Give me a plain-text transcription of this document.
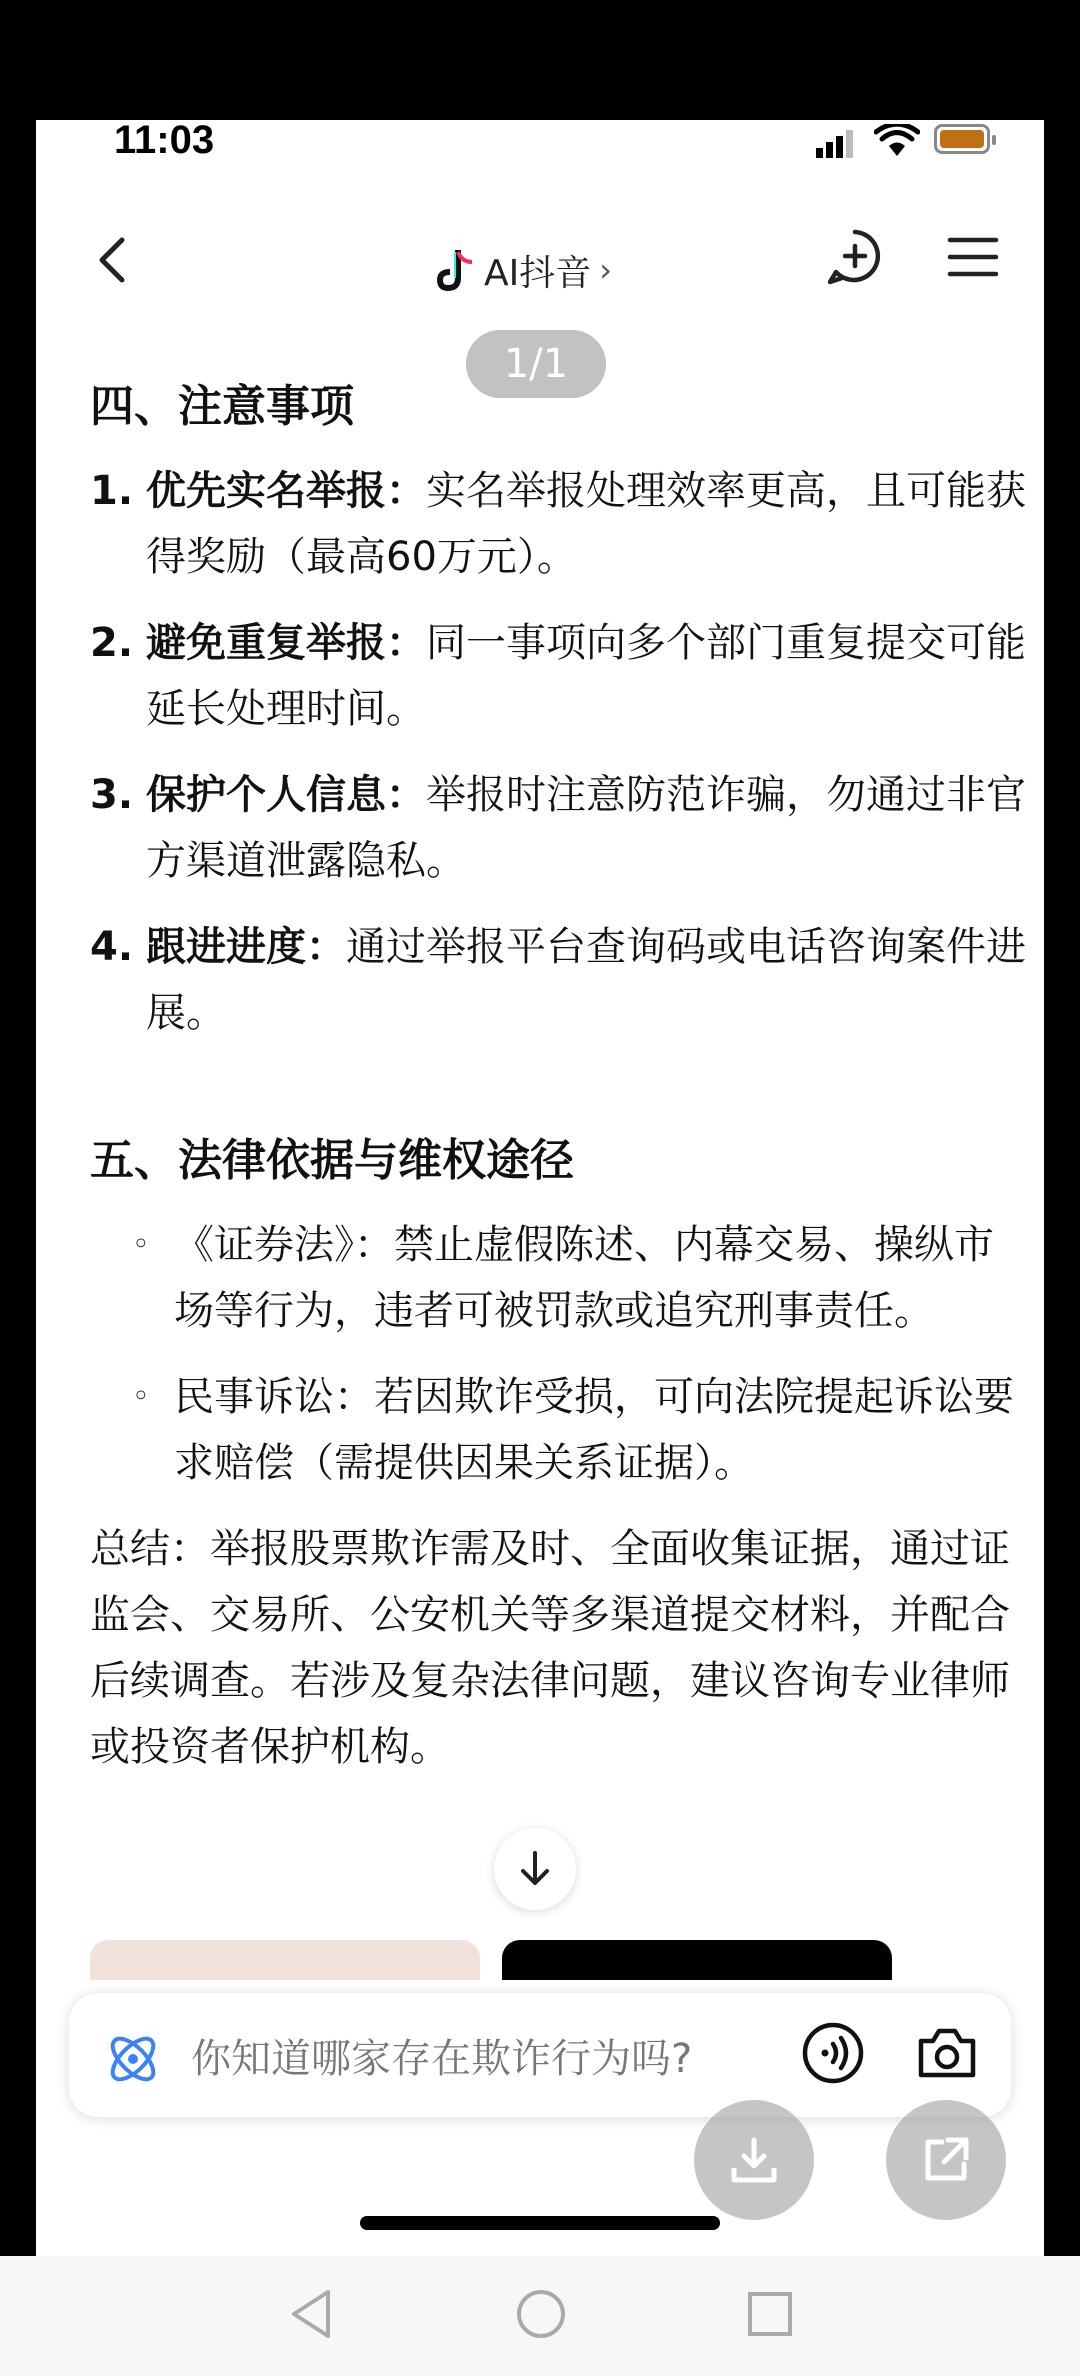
11:03
AI抖音 ›
1/1
四、注意事项
1. 优先实名举报：实名举报处理效率更高，且可能获得奖励（最高60万元）。
2. 避免重复举报：同一事项向多个部门重复提交可能延长处理时间。
3. 保护个人信息：举报时注意防范诈骗，勿通过非官方渠道泄露隐私。
4. 跟进进度：通过举报平台查询码或电话咨询案件进展。
五、法律依据与维权途径
◦ 《证券法》：禁止虚假陈述、内幕交易、操纵市场等行为，违者可被罚款或追究刑事责任。
◦ 民事诉讼：若因欺诈受损，可向法院提起诉讼要求赔偿（需提供因果关系证据）。
总结：举报股票欺诈需及时、全面收集证据，通过证监会、交易所、公安机关等多渠道提交材料，并配合后续调查。若涉及复杂法律问题，建议咨询专业律师或投资者保护机构。
你知道哪家存在欺诈行为吗?
